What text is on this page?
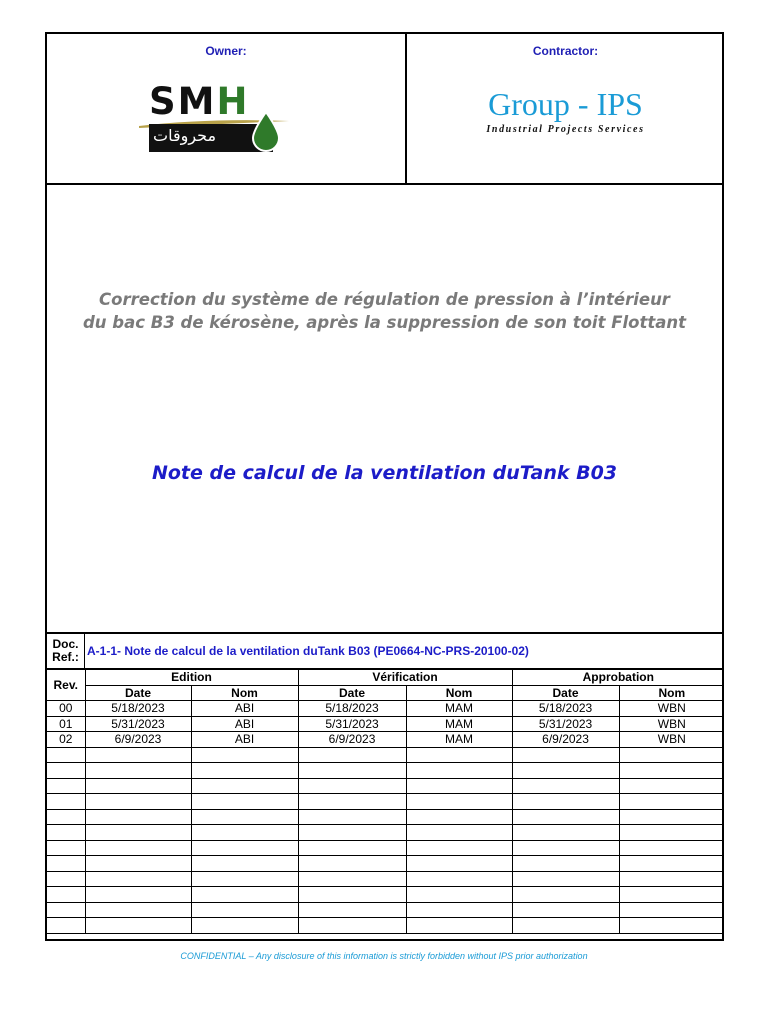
Owner:	Contractor:
SMH
محروقات
Group - IPS
Industrial Projects Services
Correction du système de régulation de pression à l’intérieur
du bac B3 de kérosène, après la suppression de son toit Flottant
Note de calcul de la ventilation duTank B03
Doc.
Ref.: A-1-1- Note de calcul de la ventilation duTank B03 (PE0664-NC-PRS-20100-02)
Rev.	Edition		Vérification		Approbation	
	Date	Nom	Date	Nom	Date	Nom
00	5/18/2023	ABI	5/18/2023	MAM	5/18/2023	WBN
01	5/31/2023	ABI	5/31/2023	MAM	5/31/2023	WBN
02	6/9/2023	ABI	6/9/2023	MAM	6/9/2023	WBN

CONFIDENTIAL – Any disclosure of this information is strictly forbidden without IPS prior authorization
